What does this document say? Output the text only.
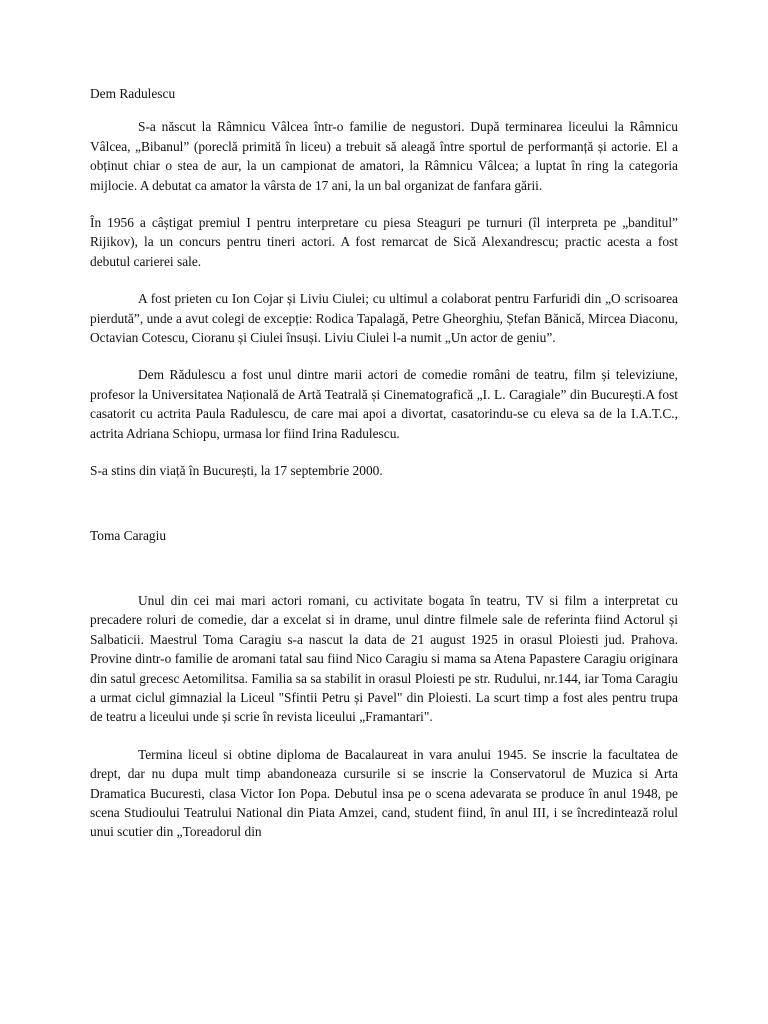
Dem Radulescu

S-a născut la Râmnicu Vâlcea într-o familie de negustori. După terminarea liceului la Râmnicu Vâlcea, „Bibanul” (poreclă primită în liceu) a trebuit să aleagă între sportul de performanță și actorie. El a obținut chiar o stea de aur, la un campionat de amatori, la Râmnicu Vâlcea; a luptat în ring la categoria mijlocie. A debutat ca amator la vârsta de 17 ani, la un bal organizat de fanfara gării.

În 1956 a câștigat premiul I pentru interpretare cu piesa Steaguri pe turnuri (îl interpreta pe „banditul” Rijikov), la un concurs pentru tineri actori. A fost remarcat de Sică Alexandrescu; practic acesta a fost debutul carierei sale.

A fost prieten cu Ion Cojar și Liviu Ciulei; cu ultimul a colaborat pentru Farfuridi din „O scrisoarea pierdută”, unde a avut colegi de excepție: Rodica Tapalagă, Petre Gheorghiu, Ștefan Bănică, Mircea Diaconu, Octavian Cotescu, Cioranu și Ciulei însuși. Liviu Ciulei l-a numit „Un actor de geniu”.

Dem Rădulescu a fost unul dintre marii actori de comedie români de teatru, film și televiziune, profesor la Universitatea Națională de Artă Teatrală și Cinematografică „I. L. Caragiale” din București.A fost casatorit cu actrita Paula Radulescu, de care mai apoi a divortat, casatorindu-se cu eleva sa de la I.A.T.C., actrita Adriana Schiopu, urmasa lor fiind Irina Radulescu.

S-a stins din viață în București, la 17 septembrie 2000.

Toma Caragiu

Unul din cei mai mari actori romani, cu activitate bogata în teatru, TV si film a interpretat cu precadere roluri de comedie, dar a excelat si in drame, unul dintre filmele sale de referinta fiind Actorul și Salbaticii. Maestrul Toma Caragiu s-a nascut la data de 21 august 1925 in orasul Ploiesti jud. Prahova. Provine dintr-o familie de aromani tatal sau fiind Nico Caragiu si mama sa Atena Papastere Caragiu originara din satul grecesc Aetomilitsa. Familia sa sa stabilit in orasul Ploiesti pe str. Rudului, nr.144, iar Toma Caragiu a urmat ciclul gimnazial la Liceul "Sfintii Petru și Pavel" din Ploiesti. La scurt timp a fost ales pentru trupa de teatru a liceului unde și scrie în revista liceului „Framantari".

Termina liceul si obtine diploma de Bacalaureat in vara anului 1945. Se inscrie la facultatea de drept, dar nu dupa mult timp abandoneaza cursurile si se inscrie la Conservatorul de Muzica si Arta Dramatica Bucuresti, clasa Victor Ion Popa. Debutul insa pe o scena adevarata se produce în anul 1948, pe scena Studioului Teatrului National din Piata Amzei, cand, student fiind, în anul III, i se încredintează rolul unui scutier din „Toreadorul din
